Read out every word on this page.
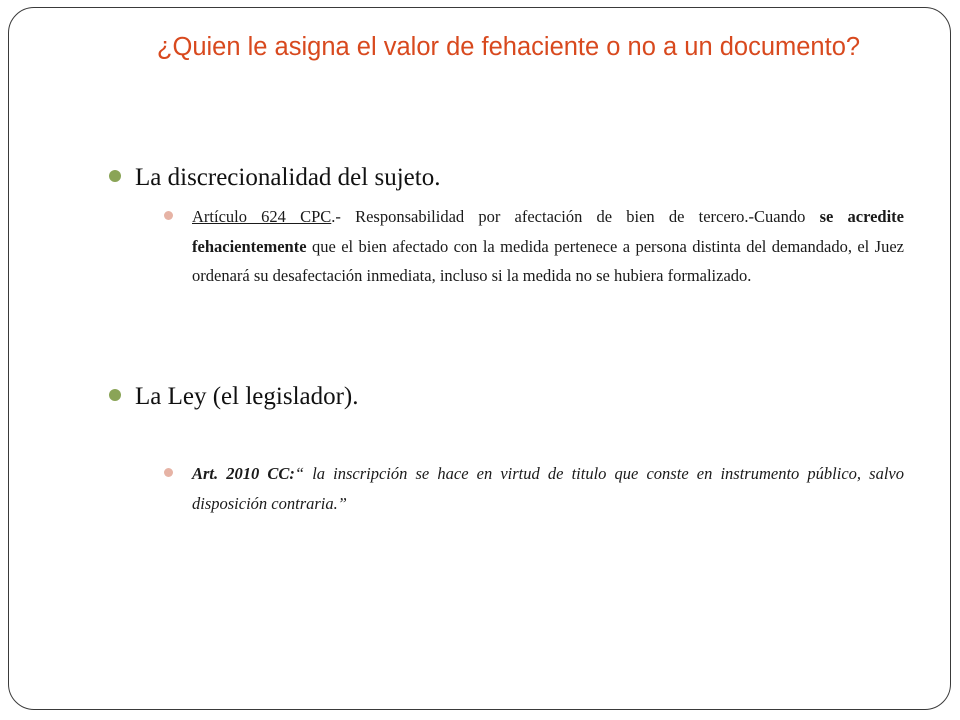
¿Quien le asigna el valor de fehaciente o no a un documento?
La discrecionalidad del sujeto.
Artículo 624 CPC.- Responsabilidad por afectación de bien de tercero.-Cuando se acredite fehacientemente que el bien afectado con la medida pertenece a persona distinta del demandado, el Juez ordenará su desafectación inmediata, incluso si la medida no se hubiera formalizado.
La Ley (el legislador).
Art. 2010 CC:“ la inscripción se hace en virtud de titulo que conste en instrumento público, salvo disposición contraria.”
